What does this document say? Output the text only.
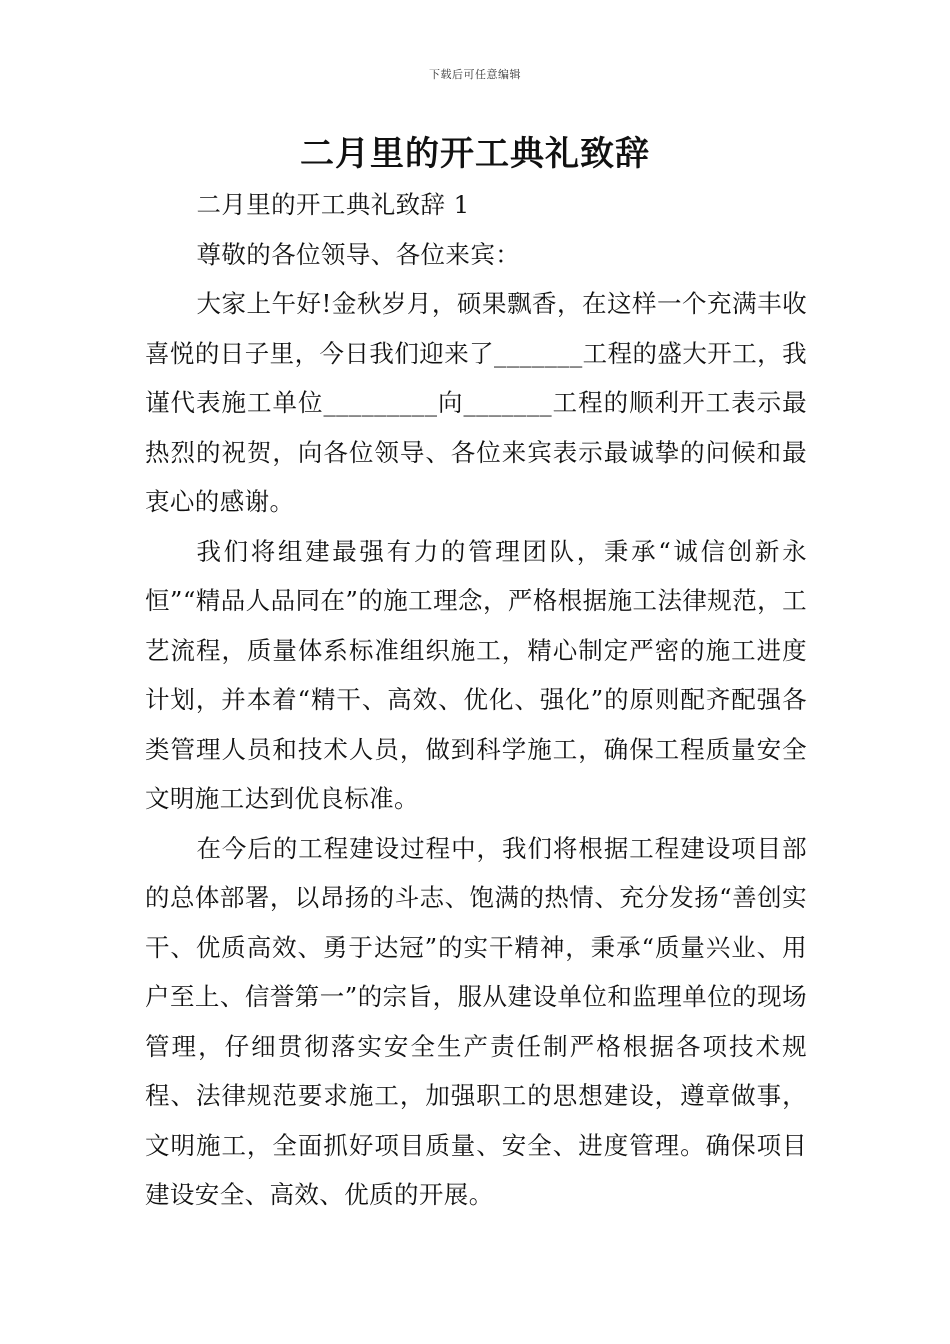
下载后可任意编辑
二月里的开工典礼致辞

二月里的开工典礼致辞 1

尊敬的各位领导、各位来宾：

大家上午好!金秋岁月，硕果飘香，在这样一个充满丰收喜悦的日子里，今日我们迎来了_______工程的盛大开工，我谨代表施工单位_________向_______工程的顺利开工表示最热烈的祝贺，向各位领导、各位来宾表示最诚挚的问候和最衷心的感谢。

我们将组建最强有力的管理团队，秉承“诚信创新永恒”“精品人品同在”的施工理念，严格根据施工法律规范，工艺流程，质量体系标准组织施工，精心制定严密的施工进度计划，并本着“精干、高效、优化、强化”的原则配齐配强各类管理人员和技术人员，做到科学施工，确保工程质量安全文明施工达到优良标准。

在今后的工程建设过程中，我们将根据工程建设项目部的总体部署，以昂扬的斗志、饱满的热情、充分发扬“善创实干、优质高效、勇于达冠”的实干精神，秉承“质量兴业、用户至上、信誉第一”的宗旨，服从建设单位和监理单位的现场管理，仔细贯彻落实安全生产责任制严格根据各项技术规程、法律规范要求施工，加强职工的思想建设，遵章做事，文明施工，全面抓好项目质量、安全、进度管理。确保项目建设安全、高效、优质的开展。
